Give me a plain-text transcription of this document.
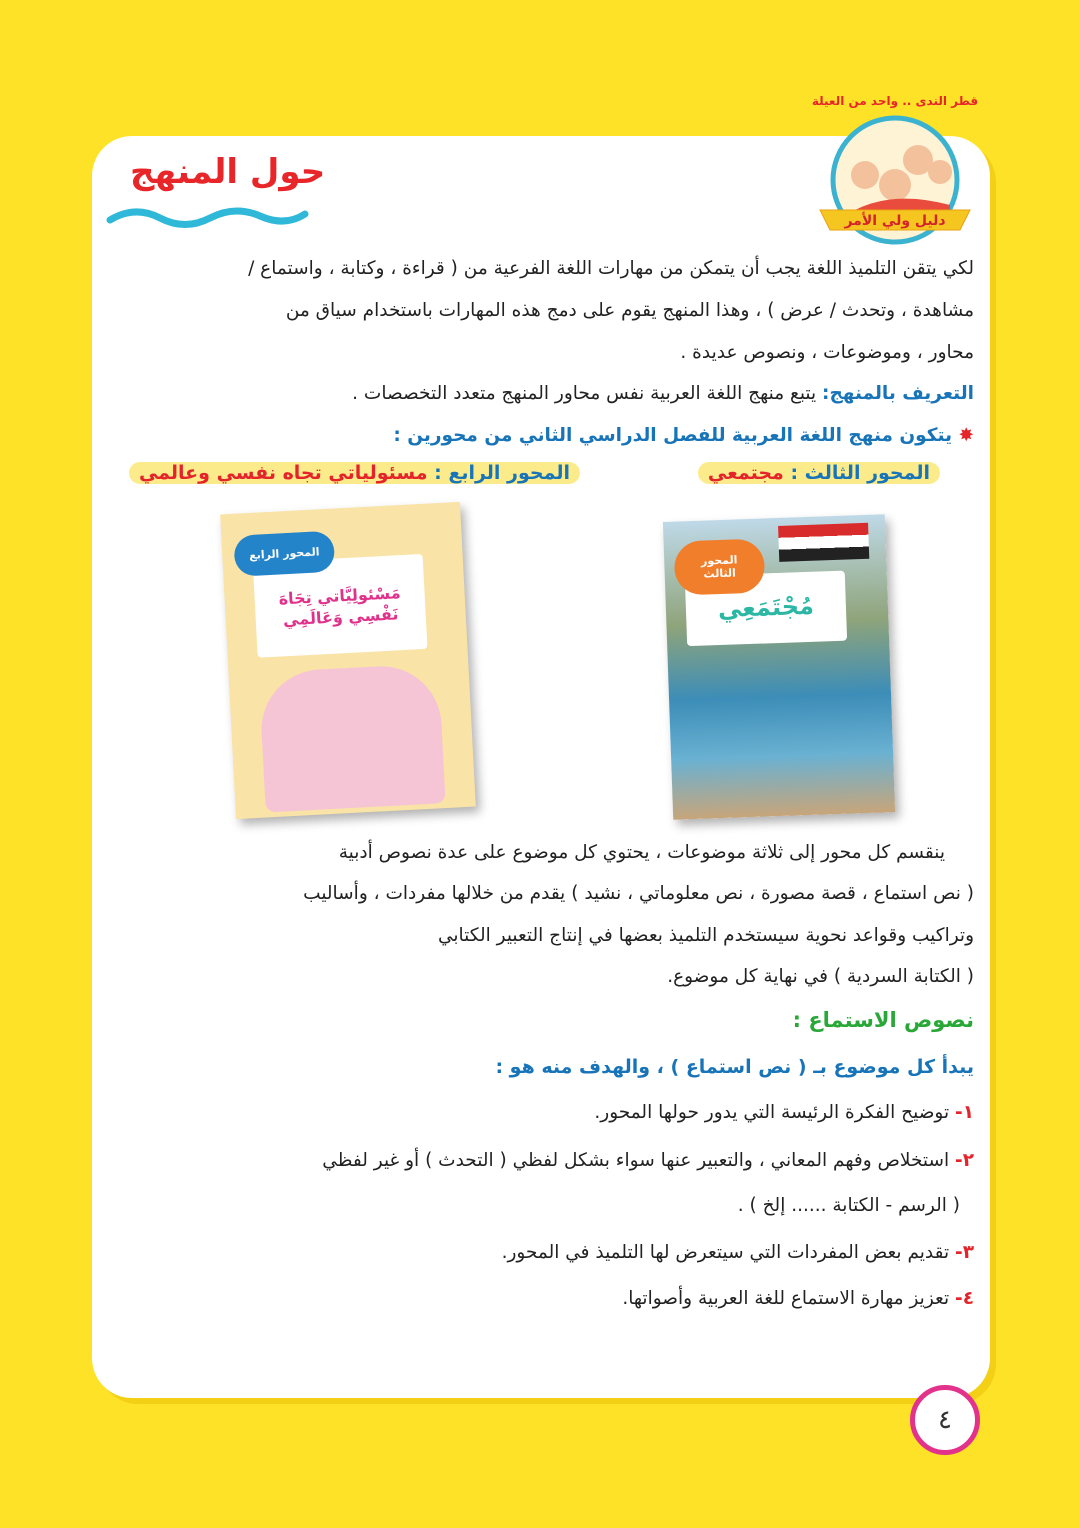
دليل ولي الأمر
قطر الندى .. واحد من العيلة
حول المنهج
لكي يتقن التلميذ اللغة يجب أن يتمكن من مهارات اللغة الفرعية من ( قراءة ، وكتابة ، واستماع /
مشاهدة ، وتحدث / عرض ) ، وهذا المنهج يقوم على دمج هذه المهارات باستخدام سياق من
محاور ، وموضوعات ، ونصوص عديدة .
التعريف بالمنهج: يتبع منهج اللغة العربية نفس محاور المنهج متعدد التخصصات .
✸ يتكون منهج اللغة العربية للفصل الدراسي الثاني من محورين :
المحور الثالث : مجتمعي
المحور الرابع : مسئولياتي تجاه نفسي وعالمي
مَسْئولِيَّاتي تِجَاهَ نَفْسِي وَعَالَمِي
المحور الرابع
مُجْتَمَعِي
المحور الثالث
ينقسم كل محور إلى ثلاثة موضوعات ، يحتوي كل موضوع على عدة نصوص أدبية
( نص استماع ، قصة مصورة ، نص معلوماتي ، نشيد ) يقدم من خلالها مفردات ، وأساليب
وتراكيب وقواعد نحوية سيستخدم التلميذ بعضها في إنتاج التعبير الكتابي
( الكتابة السردية ) في نهاية كل موضوع.
نصوص الاستماع :
يبدأ كل موضوع بـ ( نص استماع ) ، والهدف منه هو :
١- توضيح الفكرة الرئيسة التي يدور حولها المحور.
٢- استخلاص وفهم المعاني ، والتعبير عنها سواء بشكل لفظي ( التحدث ) أو غير لفظي
( الرسم - الكتابة ...... إلخ ) .
٣- تقديم بعض المفردات التي سيتعرض لها التلميذ في المحور.
٤- تعزيز مهارة الاستماع للغة العربية وأصواتها.
٤
